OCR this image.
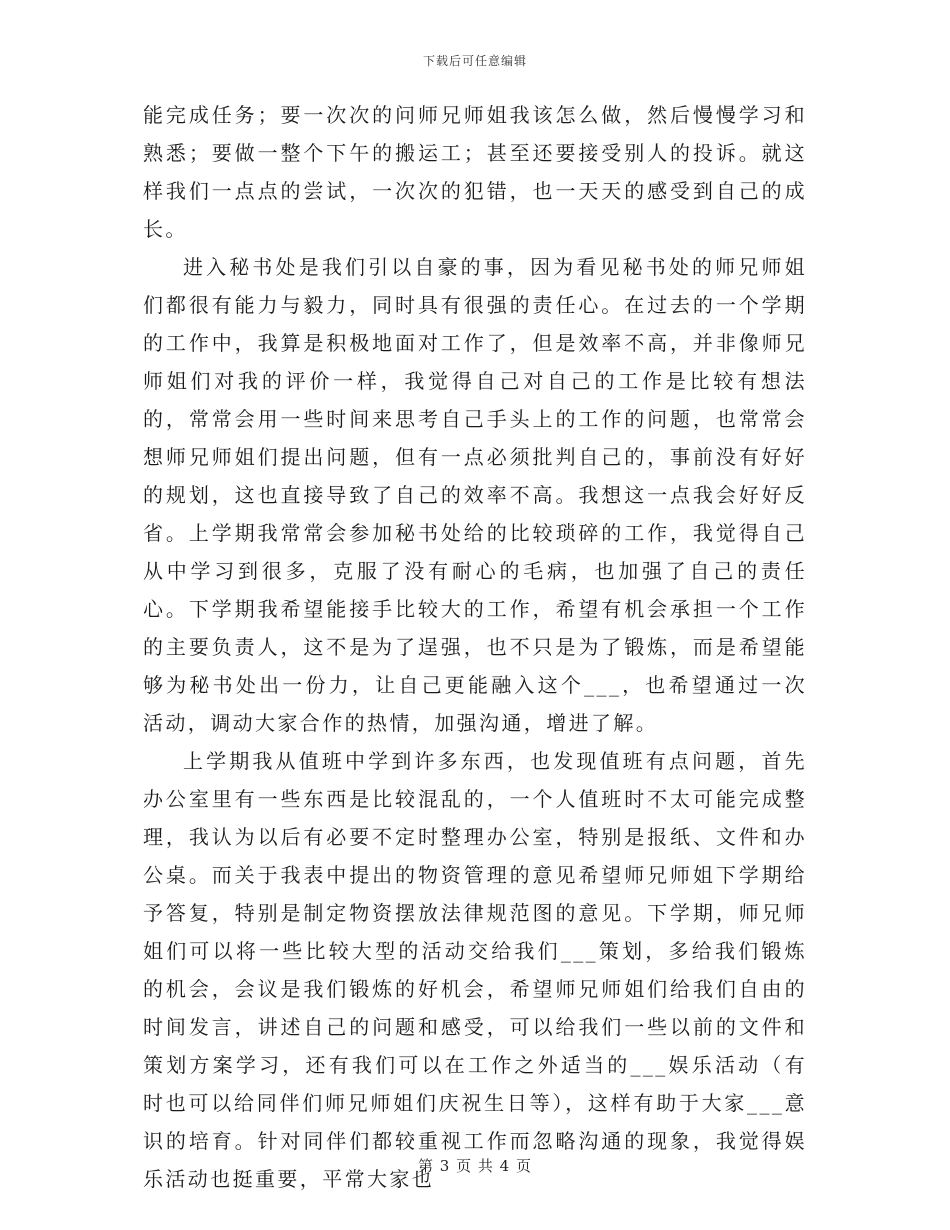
下载后可任意编辑

能完成任务；要一次次的问师兄师姐我该怎么做，然后慢慢学习和熟悉；要做一整个下午的搬运工；甚至还要接受别人的投诉。就这样我们一点点的尝试，一次次的犯错，也一天天的感受到自己的成长。

进入秘书处是我们引以自豪的事，因为看见秘书处的师兄师姐们都很有能力与毅力，同时具有很强的责任心。在过去的一个学期的工作中，我算是积极地面对工作了，但是效率不高，并非像师兄师姐们对我的评价一样，我觉得自己对自己的工作是比较有想法的，常常会用一些时间来思考自己手头上的工作的问题，也常常会想师兄师姐们提出问题，但有一点必须批判自己的，事前没有好好的规划，这也直接导致了自己的效率不高。我想这一点我会好好反省。上学期我常常会参加秘书处给的比较琐碎的工作，我觉得自己从中学习到很多，克服了没有耐心的毛病，也加强了自己的责任心。下学期我希望能接手比较大的工作，希望有机会承担一个工作的主要负责人，这不是为了逞强，也不只是为了锻炼，而是希望能够为秘书处出一份力，让自己更能融入这个___，也希望通过一次活动，调动大家合作的热情，加强沟通，增进了解。

上学期我从值班中学到许多东西，也发现值班有点问题，首先办公室里有一些东西是比较混乱的，一个人值班时不太可能完成整理，我认为以后有必要不定时整理办公室，特别是报纸、文件和办公桌。而关于我表中提出的物资管理的意见希望师兄师姐下学期给予答复，特别是制定物资摆放法律规范图的意见。下学期，师兄师姐们可以将一些比较大型的活动交给我们___策划，多给我们锻炼的机会，会议是我们锻炼的好机会，希望师兄师姐们给我们自由的时间发言，讲述自己的问题和感受，可以给我们一些以前的文件和策划方案学习，还有我们可以在工作之外适当的___娱乐活动（有时也可以给同伴们师兄师姐们庆祝生日等），这样有助于大家___意识的培育。针对同伴们都较重视工作而忽略沟通的现象，我觉得娱乐活动也挺重要，平常大家也

第 3 页 共 4 页
